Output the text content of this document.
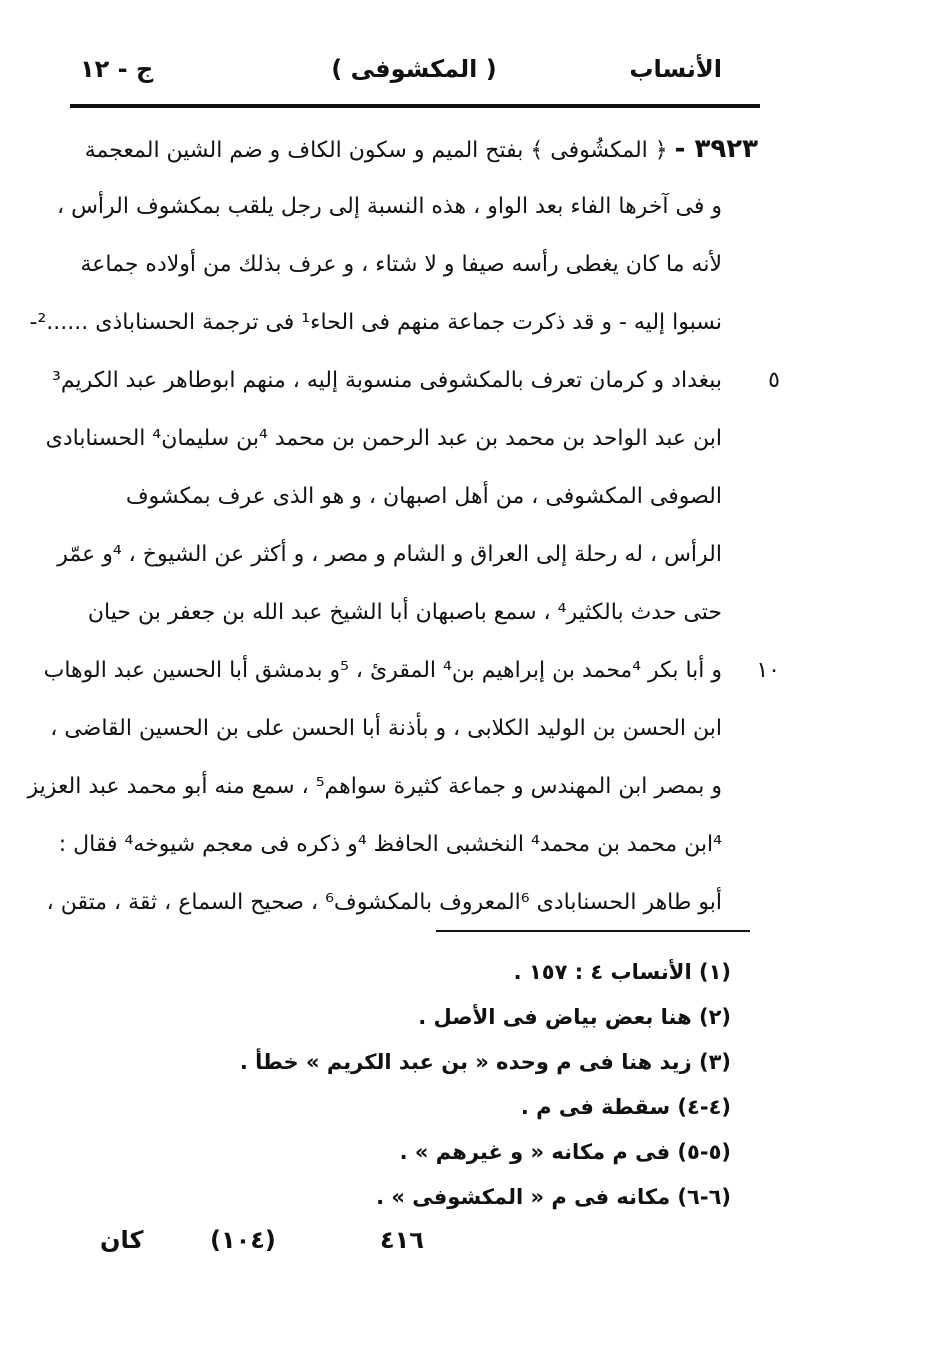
الأنساب
( المكشوفى )
ج - ١٢
٣٩٢٣ - ﴿ المكشُوفى ﴾ بفتح الميم و سكون الكاف و ضم الشين المعجمة
و فى آخرها الفاء بعد الواو ، هذه النسبة إلى رجل يلقب بمكشوف الرأس ،
لأنه ما كان يغطى رأسه صيفا و لا شتاء ، و عرف بذلك من أولاده جماعة
نسبوا إليه - و قد ذكرت جماعة منهم فى الحاء¹ فى ترجمة الحسناباذى ......²-
٥
ببغداد و كرمان تعرف بالمكشوفى منسوبة إليه ، منهم ابوطاهر عبد الكريم³
ابن عبد الواحد بن محمد بن عبد الرحمن بن محمد ⁴بن سليمان⁴ الحسنابادى
الصوفى المكشوفى ، من أهل اصبهان ، و هو الذى عرف بمكشوف
الرأس ، له رحلة إلى العراق و الشام و مصر ، و أكثر عن الشيوخ ، ⁴و عمّر
حتى حدث بالكثير⁴ ، سمع باصبهان أبا الشيخ عبد الله بن جعفر بن حيان
١٠
و أبا بكر ⁴محمد بن إبراهيم بن⁴ المقرئ ، ⁵و بدمشق أبا الحسين عبد الوهاب
ابن الحسن بن الوليد الكلابى ، و بأذنة أبا الحسن على بن الحسين القاضى ،
و بمصر ابن المهندس و جماعة كثيرة سواهم⁵ ، سمع منه أبو محمد عبد العزيز
⁴ابن محمد بن محمد⁴ النخشبى الحافظ ⁴و ذكره فى معجم شيوخه⁴ فقال :
أبو طاهر الحسنابادى ⁶المعروف بالمكشوف⁶ ، صحيح السماع ، ثقة ، متقن ،
(١) الأنساب ٤ : ١٥٧ .
(٢) هنا بعض بياض فى الأصل .
(٣) زيد هنا فى م وحده « بن عبد الكريم » خطأ .
(٤-٤) سقطة فى م .
(٥-٥) فى م مكانه « و غيرهم » .
(٦-٦) مكانه فى م « المكشوفى » .
٤١٦
(١٠٤)
كان
